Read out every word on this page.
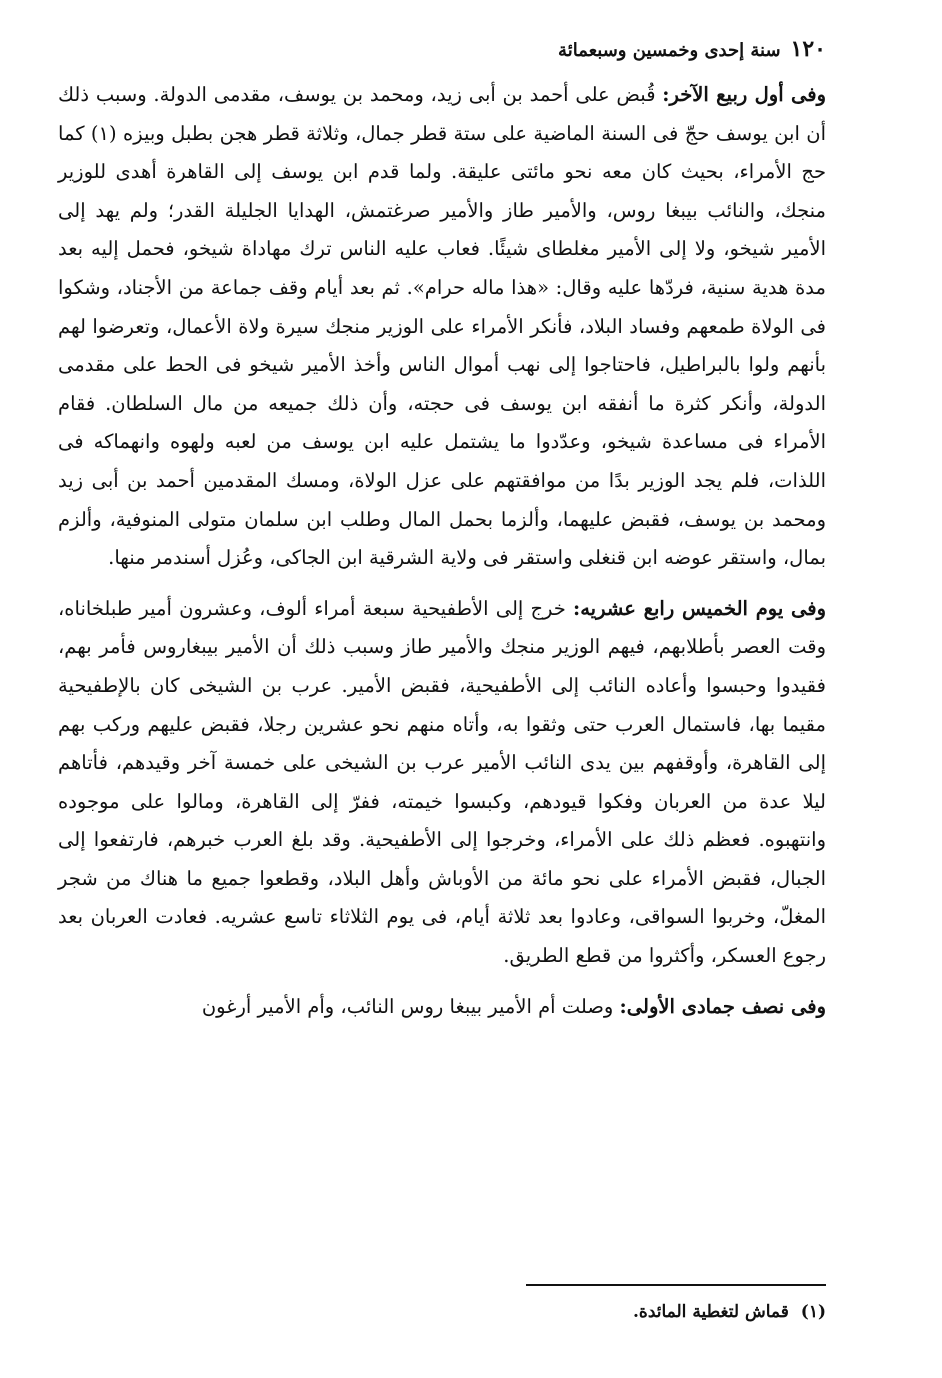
١٢٠
سنة إحدى وخمسين وسبعمائة

وفى أول ربيع الآخر: قُبض على أحمد بن أبى زيد، ومحمد بن يوسف، مقدمى الدولة. وسبب ذلك أن ابن يوسف حجّ فى السنة الماضية على ستة قطر جمال، وثلاثة قطر هجن بطبل وبيزه (١) كما حج الأمراء، بحيث كان معه نحو مائتى عليقة. ولما قدم ابن يوسف إلى القاهرة أهدى للوزير منجك، والنائب بيبغا روس، والأمير طاز والأمير صرغتمش، الهدايا الجليلة القدر؛ ولم يهد إلى الأمير شيخو، ولا إلى الأمير مغلطاى شيئًا. فعاب عليه الناس ترك مهاداة شيخو، فحمل إليه بعد مدة هدية سنية، فردّها عليه وقال: «هذا ماله حرام». ثم بعد أيام وقف جماعة من الأجناد، وشكوا فى الولاة طمعهم وفساد البلاد، فأنكر الأمراء على الوزير منجك سيرة ولاة الأعمال، وتعرضوا لهم بأنهم ولوا بالبراطيل، فاحتاجوا إلى نهب أموال الناس وأخذ الأمير شيخو فى الحط على مقدمى الدولة، وأنكر كثرة ما أنفقه ابن يوسف فى حجته، وأن ذلك جميعه من مال السلطان. فقام الأمراء فى مساعدة شيخو، وعدّدوا ما يشتمل عليه ابن يوسف من لعبه ولهوه وانهماكه فى اللذات، فلم يجد الوزير بدًا من موافقتهم على عزل الولاة، ومسك المقدمين أحمد بن أبى زيد ومحمد بن يوسف، فقبض عليهما، وألزما بحمل المال وطلب ابن سلمان متولى المنوفية، وألزم بمال، واستقر عوضه ابن قنغلى واستقر فى ولاية الشرقية ابن الجاكى، وعُزل أسندمر منها.

وفى يوم الخميس رابع عشريه: خرج إلى الأطفيحية سبعة أمراء ألوف، وعشرون أمير طبلخاناه، وقت العصر بأطلابهم، فيهم الوزير منجك والأمير طاز وسبب ذلك أن الأمير بيبغاروس فأمر بهم، فقيدوا وحبسوا وأعاده النائب إلى الأطفيحية، فقبض الأمير. عرب بن الشيخى كان بالإطفيحية مقيما بها، فاستمال العرب حتى وثقوا به، وأتاه منهم نحو عشرين رجلا، فقبض عليهم وركب بهم إلى القاهرة، وأوقفهم بين يدى النائب الأمير عرب بن الشيخى على خمسة آخر وقيدهم، فأتاهم ليلا عدة من العربان وفكوا قيودهم، وكبسوا خيمته، ففرّ إلى القاهرة، ومالوا على موجوده وانتهبوه. فعظم ذلك على الأمراء، وخرجوا إلى الأطفيحية. وقد بلغ العرب خبرهم، فارتفعوا إلى الجبال، فقبض الأمراء على نحو مائة من الأوباش وأهل البلاد، وقطعوا جميع ما هناك من شجر المغلّ، وخربوا السواقى، وعادوا بعد ثلاثة أيام، فى يوم الثلاثاء تاسع عشريه. فعادت العربان بعد رجوع العسكر، وأكثروا من قطع الطريق.

وفى نصف جمادى الأولى: وصلت أم الأمير بيبغا روس النائب، وأم الأمير أرغون

(١) قماش لتغطية المائدة.
